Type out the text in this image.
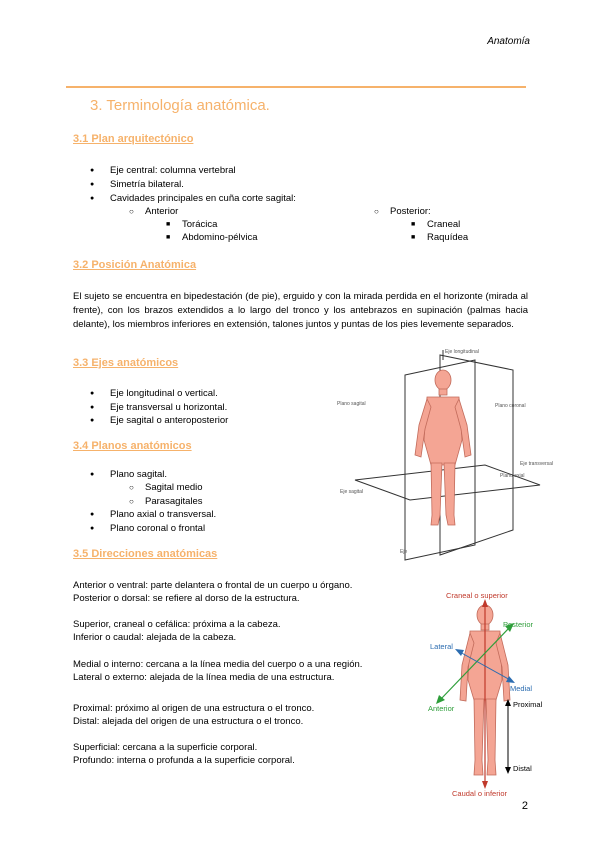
Anatomía
3. Terminología anatómica.
3.1 Plan arquitectónico
● Eje central: columna vertebral
● Simetría bilateral.
● Cavidades principales en cuña corte sagital:
○ Anterior
■ Torácica
■ Abdomino-pélvica
○ Posterior:
■ Craneal
■ Raquídea
3.2 Posición Anatómica
El sujeto se encuentra en bipedestación (de pie), erguido y con la mirada perdida en el horizonte (mirada al frente), con los brazos extendidos a lo largo del tronco y los antebrazos en supinación (palmas hacia delante), los miembros inferiores en extensión, talones juntos y puntas de los pies levemente separados.
3.3 Ejes anatómicos
● Eje longitudinal o vertical.
● Eje transversal u horizontal.
● Eje sagital o anteroposterior
3.4 Planos anatómicos
● Plano sagital.
○ Sagital medio
○ Parasagitales
● Plano axial o transversal.
● Plano coronal o frontal
3.5 Direcciones anatómicas
Anterior o ventral: parte delantera o frontal de un cuerpo u órgano.
Posterior o dorsal: se refiere al dorso de la estructura.
Superior, craneal o cefálica: próxima a la cabeza.
Inferior o caudal: alejada de la cabeza.
Medial o interno: cercana a la línea media del cuerpo o a una región.
Lateral o externo: alejada de la línea media de una estructura.
Proximal: próximo al origen de una estructura o el tronco.
Distal: alejada del origen de una estructura o el tronco.
Superficial: cercana a la superficie corporal.
Profundo: interna o profunda a la superficie corporal.
Eje longitudinal
Plano sagital	Plano coronal
Eje transversal
Plano axial
Eje sagital
Eje
Craneal o superior
Posterior
Lateral
Medial
Anterior	Proximal
Distal
Caudal o inferior
2
